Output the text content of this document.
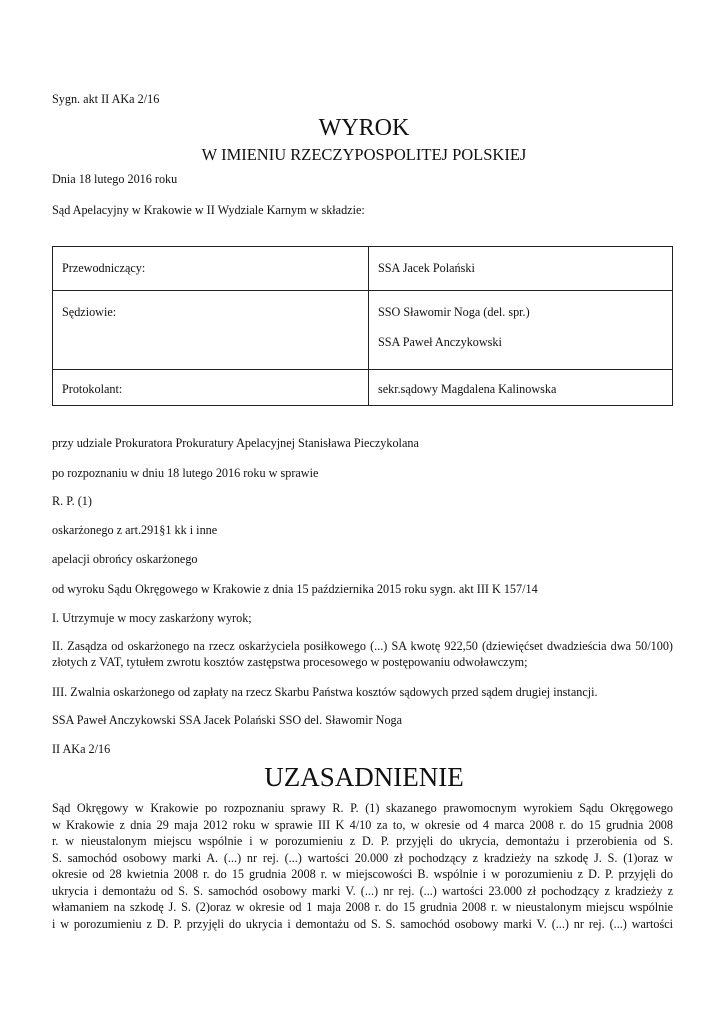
Sygn. akt II AKa 2/16
WYROK
W IMIENIU RZECZYPOSPOLITEJ POLSKIEJ
Dnia 18 lutego 2016 roku
Sąd Apelacyjny w Krakowie w II Wydziale Karnym w składzie:
Przewodniczący:	SSA Jacek Polański

Sędziowie:	SSO Sławomir Noga (del. spr.)
SSA Paweł Anczykowski

Protokolant:	sekr.sądowy Magdalena Kalinowska
przy udziale Prokuratora Prokuratury Apelacyjnej Stanisława Pieczykolana
po rozpoznaniu w dniu 18 lutego 2016 roku w sprawie
R. P. (1)
oskarżonego z art.291§1 kk i inne
apelacji obrońcy oskarżonego
od wyroku Sądu Okręgowego w Krakowie z dnia 15 października 2015 roku sygn. akt III K 157/14
I. Utrzymuje w mocy zaskarżony wyrok;
II. Zasądza od oskarżonego na rzecz oskarżyciela posiłkowego (...) SA kwotę 922,50 (dziewięćset dwadzieścia dwa 50/100) złotych z VAT, tytułem zwrotu kosztów zastępstwa procesowego w postępowaniu odwoławczym;
III. Zwalnia oskarżonego od zapłaty na rzecz Skarbu Państwa kosztów sądowych przed sądem drugiej instancji.
SSA Paweł Anczykowski SSA Jacek Polański SSO del. Sławomir Noga
II AKa 2/16
UZASADNIENIE
Sąd Okręgowy w Krakowie po rozpoznaniu sprawy R. P. (1) skazanego prawomocnym wyrokiem Sądu Okręgowego
w Krakowie z dnia 29 maja 2012 roku w sprawie III K 4/10 za to, w okresie od 4 marca 2008 r. do 15 grudnia 2008
r. w nieustalonym miejscu wspólnie i w porozumieniu z D. P. przyjęli do ukrycia, demontażu i przerobienia od S.
S. samochód osobowy marki A. (...) nr rej. (...) wartości 20.000 zł pochodzący z kradzieży na szkodę J. S. (1)oraz w
okresie od 28 kwietnia 2008 r. do 15 grudnia 2008 r. w miejscowości B. wspólnie i w porozumieniu z D. P. przyjęli do
ukrycia i demontażu od S. S. samochód osobowy marki V. (...) nr rej. (...) wartości 23.000 zł pochodzący z kradzieży z
włamaniem na szkodę J. S. (2)oraz w okresie od 1 maja 2008 r. do 15 grudnia 2008 r. w nieustalonym miejscu wspólnie
i w porozumieniu z D. P. przyjęli do ukrycia i demontażu od S. S. samochód osobowy marki V. (...) nr rej. (...) wartości
